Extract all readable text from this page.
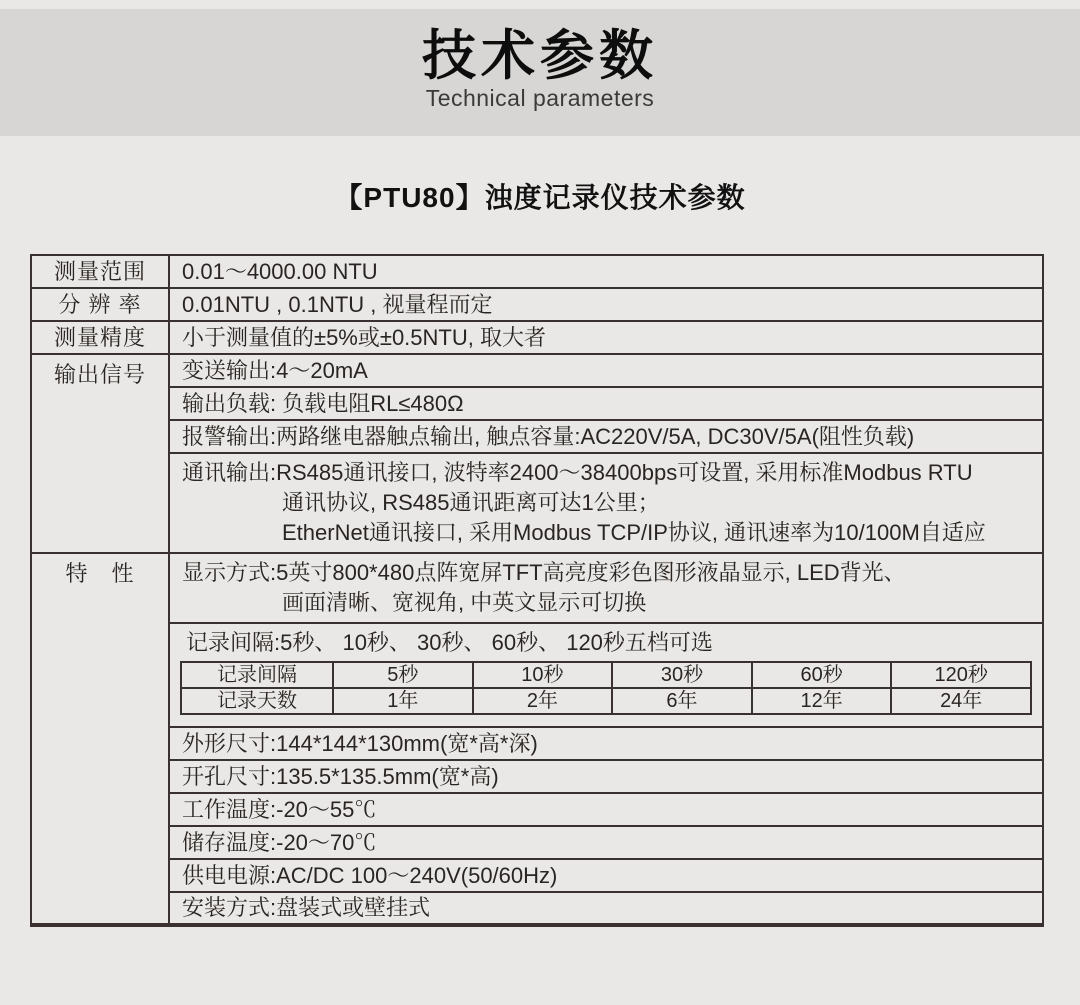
技术参数
Technical parameters
【PTU80】浊度记录仪技术参数
测量范围	0.01～4000.00 NTU
分 辨 率	0.01NTU , 0.1NTU , 视量程而定
测量精度	小于测量值的±5%或±0.5NTU, 取大者
输出信号	变送输出:4～20mA
输出负载: 负载电阻RL≤480Ω
报警输出:两路继电器触点输出, 触点容量:AC220V/5A, DC30V/5A(阻性负载)

通讯输出:RS485通讯接口, 波特率2400～38400bps可设置, 采用标准Modbus RTU
通讯协议, RS485通讯距离可达1公里；
EtherNet通讯接口, 采用Modbus TCP/IP协议, 通讯速率为10/100M自适应

特　性	显示方式:5英寸800*480点阵宽屏TFT高亮度彩色图形液晶显示, LED背光、
画面清晰、宽视角, 中英文显示可切换

记录间隔:5秒、 10秒、 30秒、 60秒、 120秒五档可选
记录间隔	5秒	10秒	30秒	60秒	120秒
记录天数	1年	2年	6年	12年	24年

外形尺寸:144*144*130mm(宽*高*深)
开孔尺寸:135.5*135.5mm(宽*高)
工作温度:-20～55℃
储存温度:-20～70℃
供电电源:AC/DC 100～240V(50/60Hz)
安装方式:盘装式或壁挂式
